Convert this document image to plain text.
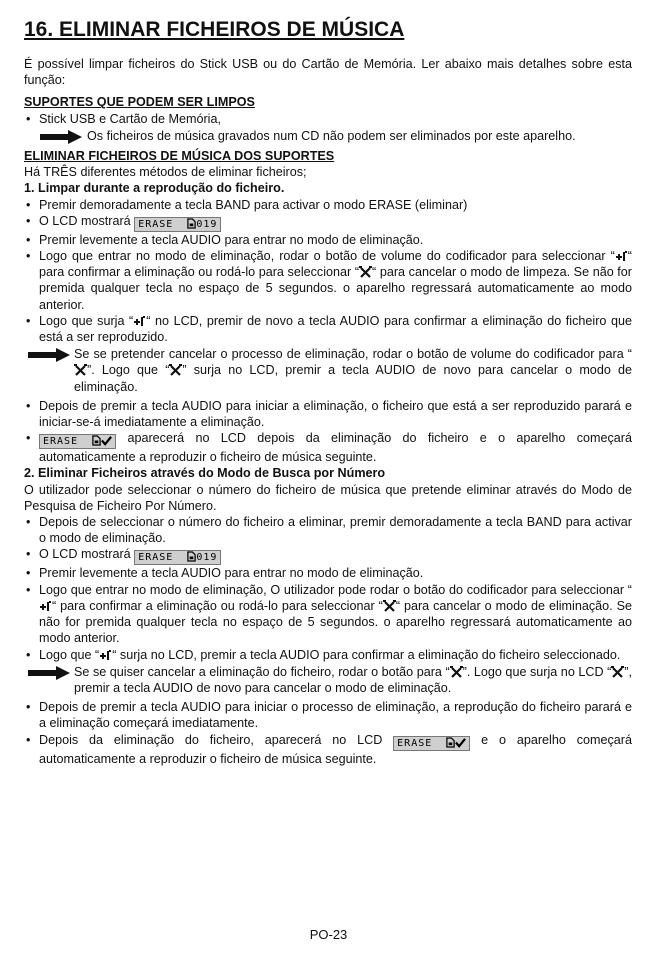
16. ELIMINAR FICHEIROS DE MÚSICA

É possível limpar ficheiros do Stick USB ou do Cartão de Memória. Ler abaixo mais detalhes sobre esta função:

SUPORTES QUE PODEM SER LIMPOS
• Stick USB e Cartão de Memória,
Os ficheiros de música gravados num CD não podem ser eliminados por este aparelho.
ELIMINAR FICHEIROS DE MÚSICA DOS SUPORTES

Há TRÊS diferentes métodos de eliminar ficheiros;

1. Limpar durante a reprodução do ficheiro.
• Premir demoradamente a tecla BAND para activar o modo ERASE (eliminar)
• O LCD mostrará ERASE 019
• Premir levemente a tecla AUDIO para entrar no modo de eliminação.
• Logo que entrar no modo de eliminação, rodar o botão de volume do codificador para seleccionar “ “ para confirmar a eliminação ou rodá-lo para seleccionar “ “ para cancelar o modo de limpeza. Se não for premida qualquer tecla no espaço de 5 segundos. o aparelho regressará automaticamente ao modo anterior.
• Logo que surja “ “ no LCD, premir de novo a tecla AUDIO para confirmar a eliminação do ficheiro que está a ser reproduzido.
Se se pretender cancelar o processo de eliminação, rodar o botão de volume do codificador para “”. Logo que “ ” surja no LCD, premir a tecla AUDIO de novo para cancelar o modo de eliminação.
• Depois de premir a tecla AUDIO para iniciar a eliminação, o ficheiro que está a ser reproduzido parará e iniciar-se-á imediatamente a eliminação.
• ERASE	aparecerá no LCD depois da eliminação do ficheiro e o aparelho começará automaticamente a reproduzir o ficheiro de música seguinte.
2. Eliminar Ficheiros através do Modo de Busca por Número

O utilizador pode seleccionar o número do ficheiro de música que pretende eliminar através do Modo de Pesquisa de Ficheiro Por Número.

• Depois de seleccionar o número do ficheiro a eliminar, premir demoradamente a tecla BAND para activar o modo de eliminação.
• O LCD mostrará ERASE 019
• Premir levemente a tecla AUDIO para entrar no modo de eliminação.
• Logo que entrar no modo de eliminação, O utilizador pode rodar o botão do codificador para seleccionar ““ para confirmar a eliminação ou rodá-lo para seleccionar “ “ para cancelar o modo de eliminação. Se não for premida qualquer tecla no espaço de 5 segundos. o aparelho regressará automaticamente ao modo anterior.
• Logo que “ “ surja no LCD, premir a tecla AUDIO para confirmar a eliminação do ficheiro seleccionado.
Se se quiser cancelar a eliminação do ficheiro, rodar o botão para “ ”. Logo que surja no LCD “ ”, premir a tecla AUDIO de novo para cancelar o modo de eliminação.
• Depois de premir a tecla AUDIO para iniciar o processo de eliminação, a reprodução do ficheiro parará e a eliminação começará imediatamente.
• Depois da eliminação do ficheiro, aparecerá no LCD ERASE	e o aparelho começará automaticamente a reproduzir o ficheiro de música seguinte.
PO-23
